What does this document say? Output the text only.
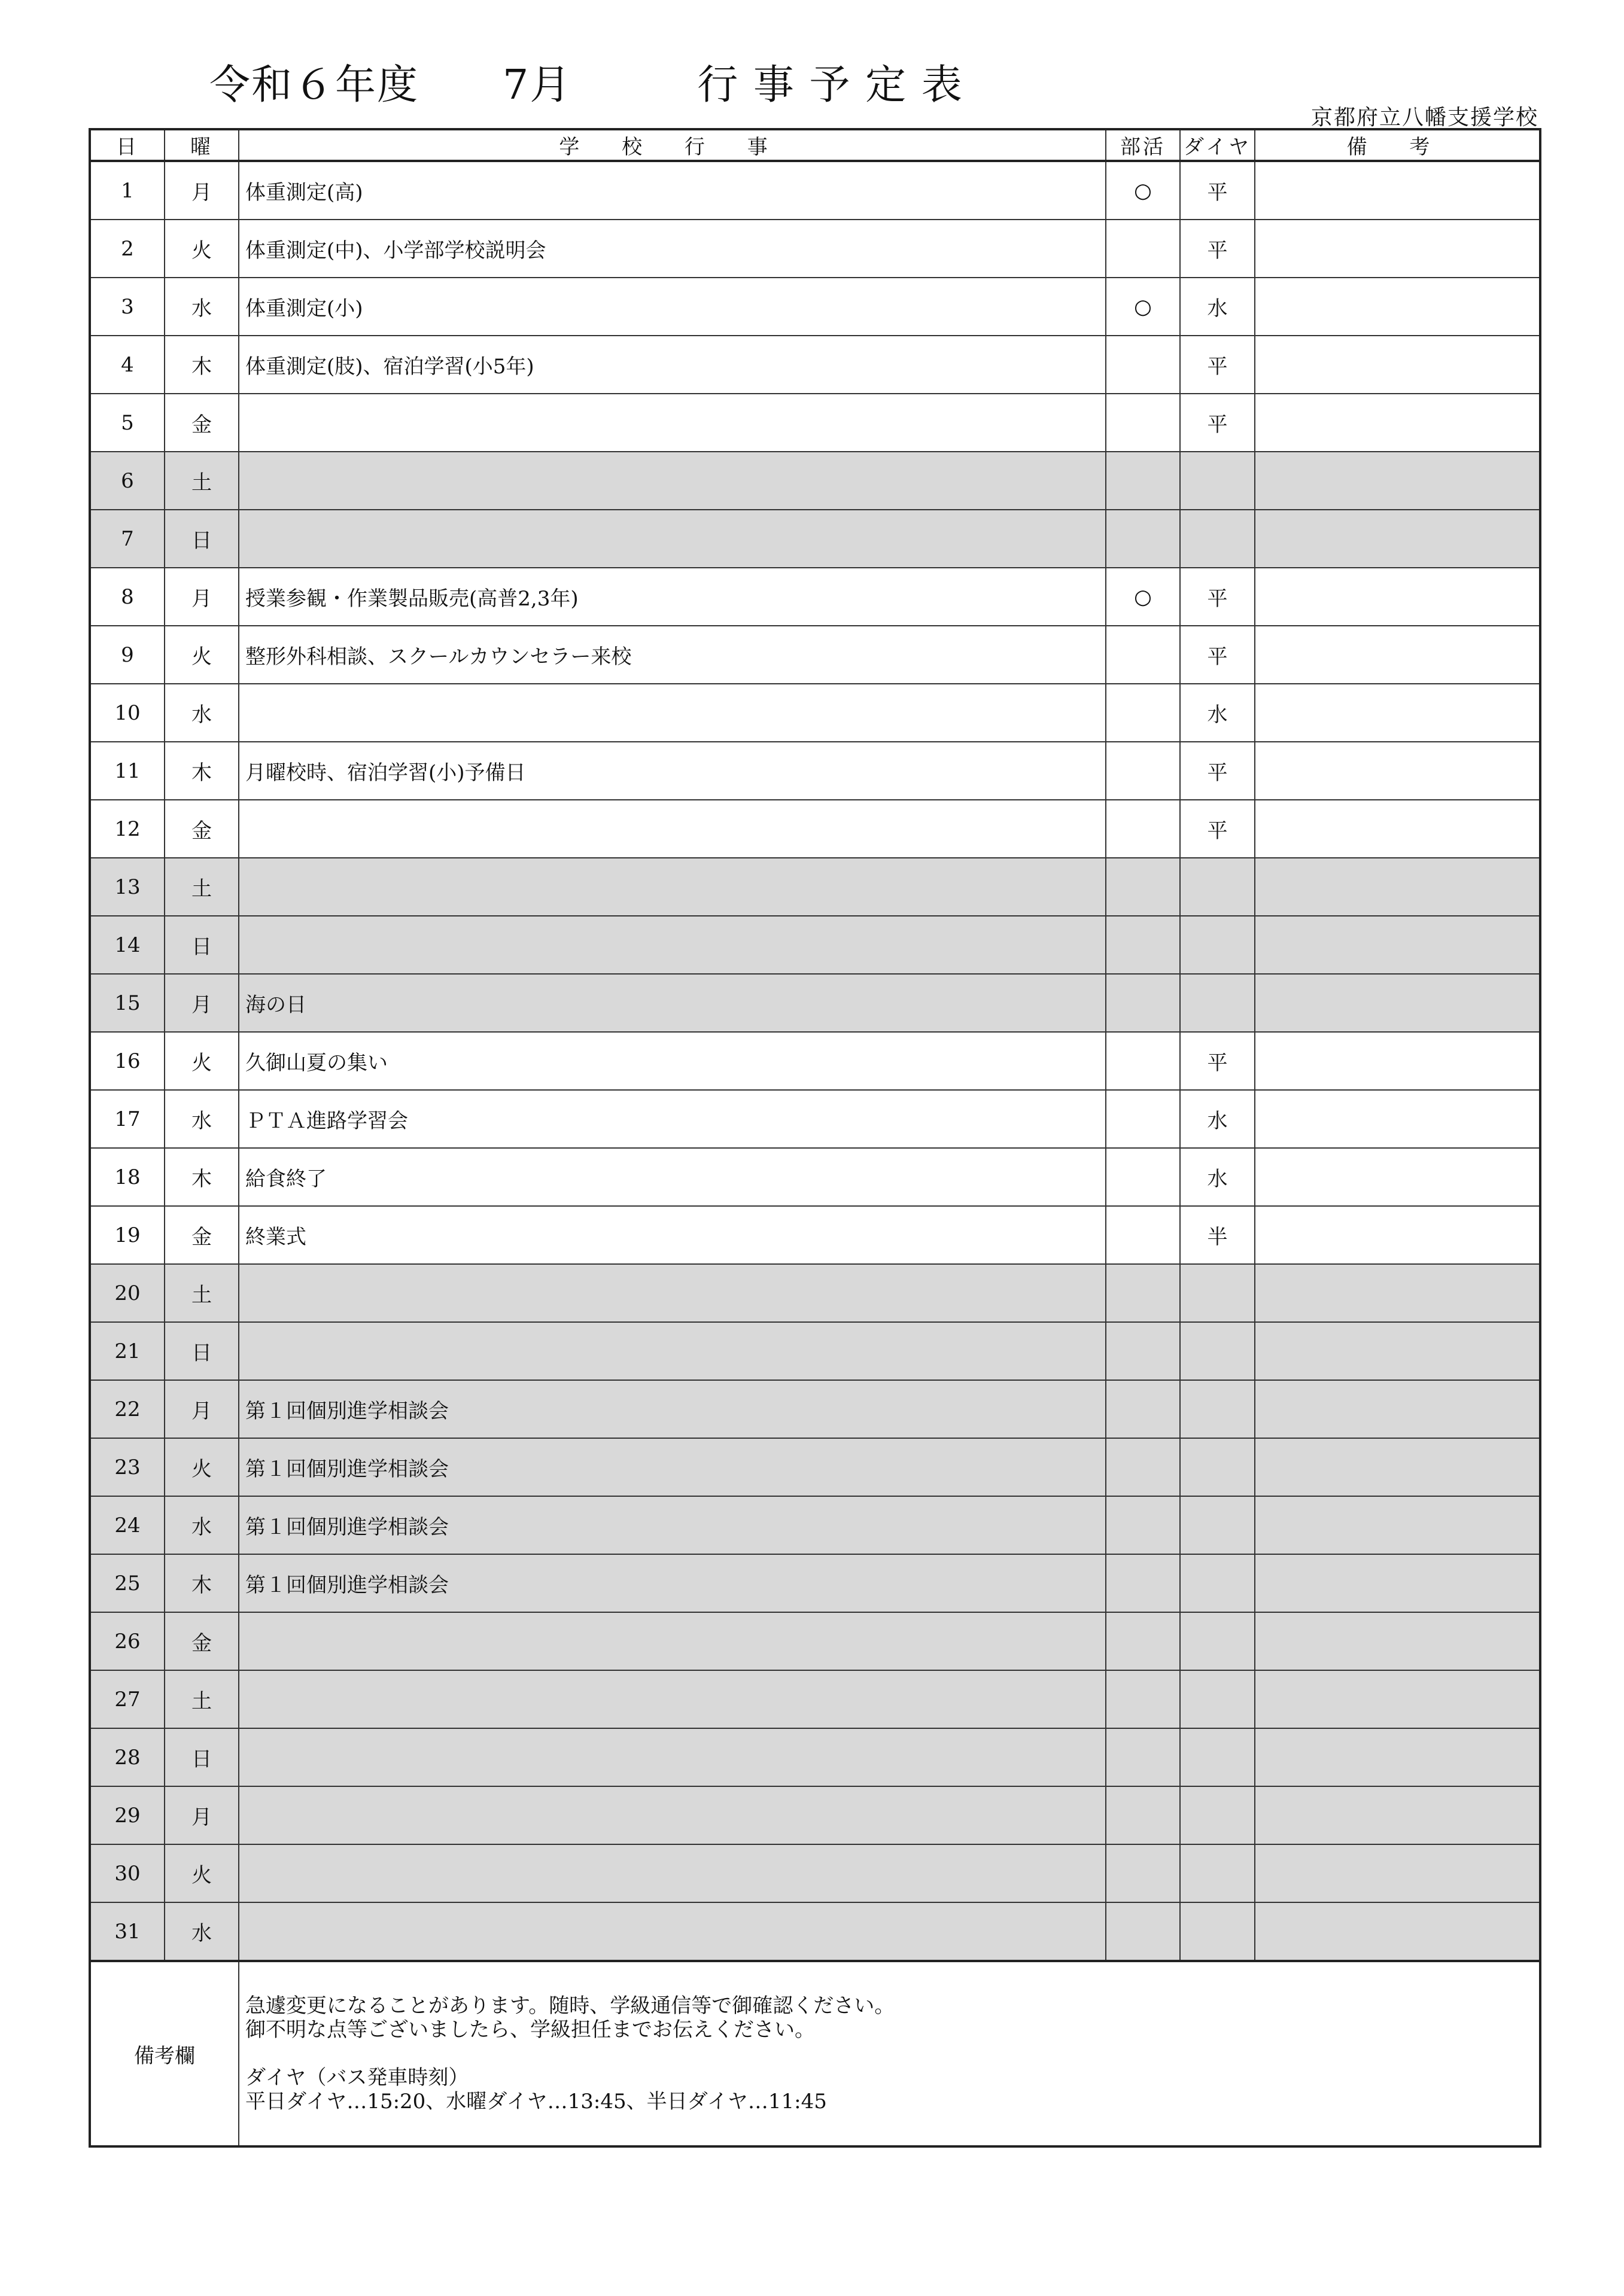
令和６年度　　7月　　　行 事 予 定 表
京都府立八幡支援学校
日	曜	学 校 行 事	部活	ダイヤ	備 考
1	月	体重測定(高)	○	平	
2	火	体重測定(中)、小学部学校説明会		平	
3	水	体重測定(小)	○	水	
4	木	体重測定(肢)、宿泊学習(小5年)		平	
5	金			平	
6	土				
7	日				
8	月	授業参観・作業製品販売(高普2,3年)	○	平	
9	火	整形外科相談、スクールカウンセラー来校		平	
10	水			水	
11	木	月曜校時、宿泊学習(小)予備日		平	
12	金			平	
13	土				
14	日				
15	月	海の日			
16	火	久御山夏の集い		平	
17	水	ＰＴＡ進路学習会		水	
18	木	給食終了		水	
19	金	終業式		半	
20	土				
21	日				
22	月	第１回個別進学相談会			
23	火	第１回個別進学相談会			
24	水	第１回個別進学相談会			
25	木	第１回個別進学相談会			
26	金				
27	土				
28	日				
29	月				
30	火				
31	水				
備考欄		急遽変更になることがあります。随時、学級通信等で御確認ください。
御不明な点等ございましたら、学級担任までお伝えください。
ダイヤ（バス発車時刻）
平日ダイヤ…15:20、水曜ダイヤ…13:45、半日ダイヤ…11:45			
